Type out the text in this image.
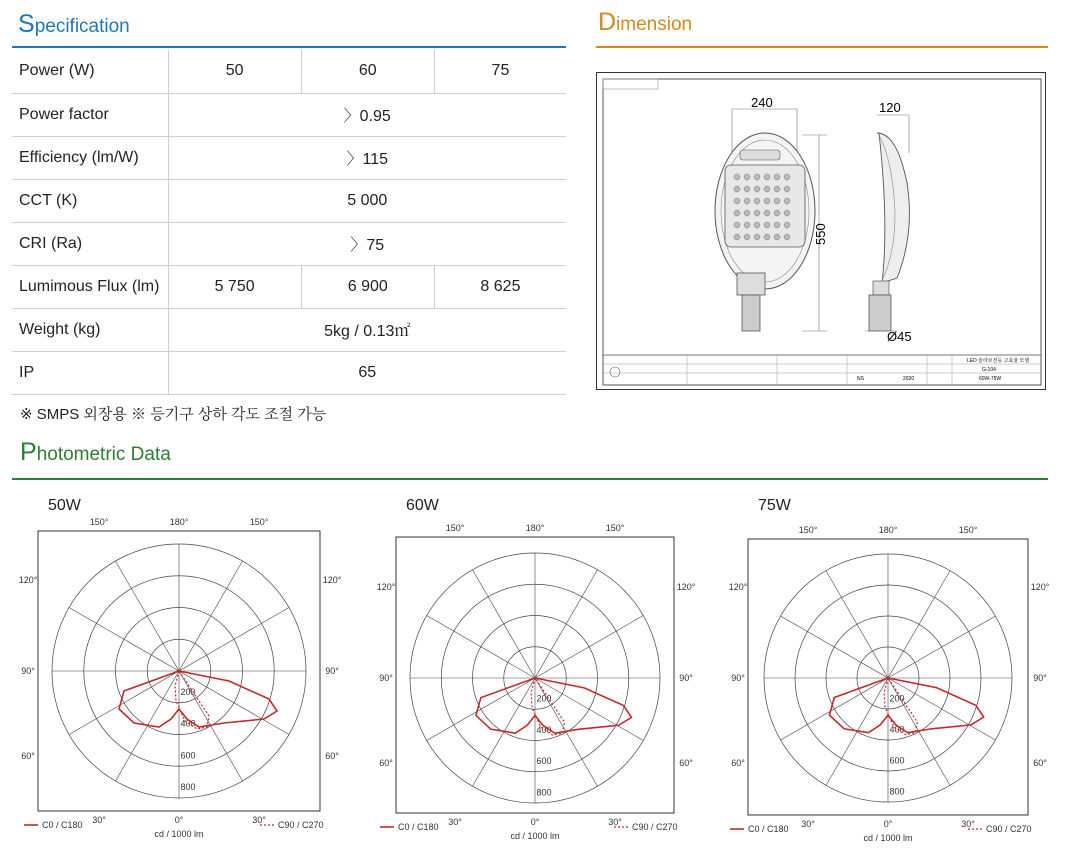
Specification
Power (W)	50	60	75
Power factor	〉0.95		
Efficiency (lm/W)	〉115		
CCT (K)	5 000		
CRI (Ra)	〉75		
Lumimous Flux (lm)	5 750	6 900	8 625
Weight (kg)	5kg / 0.13㎡		
IP	65		
※ SMPS 외장용 ※ 등기구 상하 각도 조절 가능
Dimension
240
550
120
Ø45
LED 슬라브전등 고효율 모델
G-104
60W-75W
2020
NS
Photometric Data
50W
180°
150°	150°
120°	120°
90°	90°
60°	60°
30°	30°
0°
200
400
600
800
C0 / C180	C90 / C270
cd / 1000 lm
60W
180°
150°	150°
120°	120°
90°	90°
60°	60°
30°	30°
0°
200
400
600
800
C0 / C180	C90 / C270
cd / 1000 lm
75W
180°
150°	150°
120°	120°
90°	90°
60°	60°
30°	30°
0°
200
400
600
800
C0 / C180	C90 / C270
cd / 1000 lm
